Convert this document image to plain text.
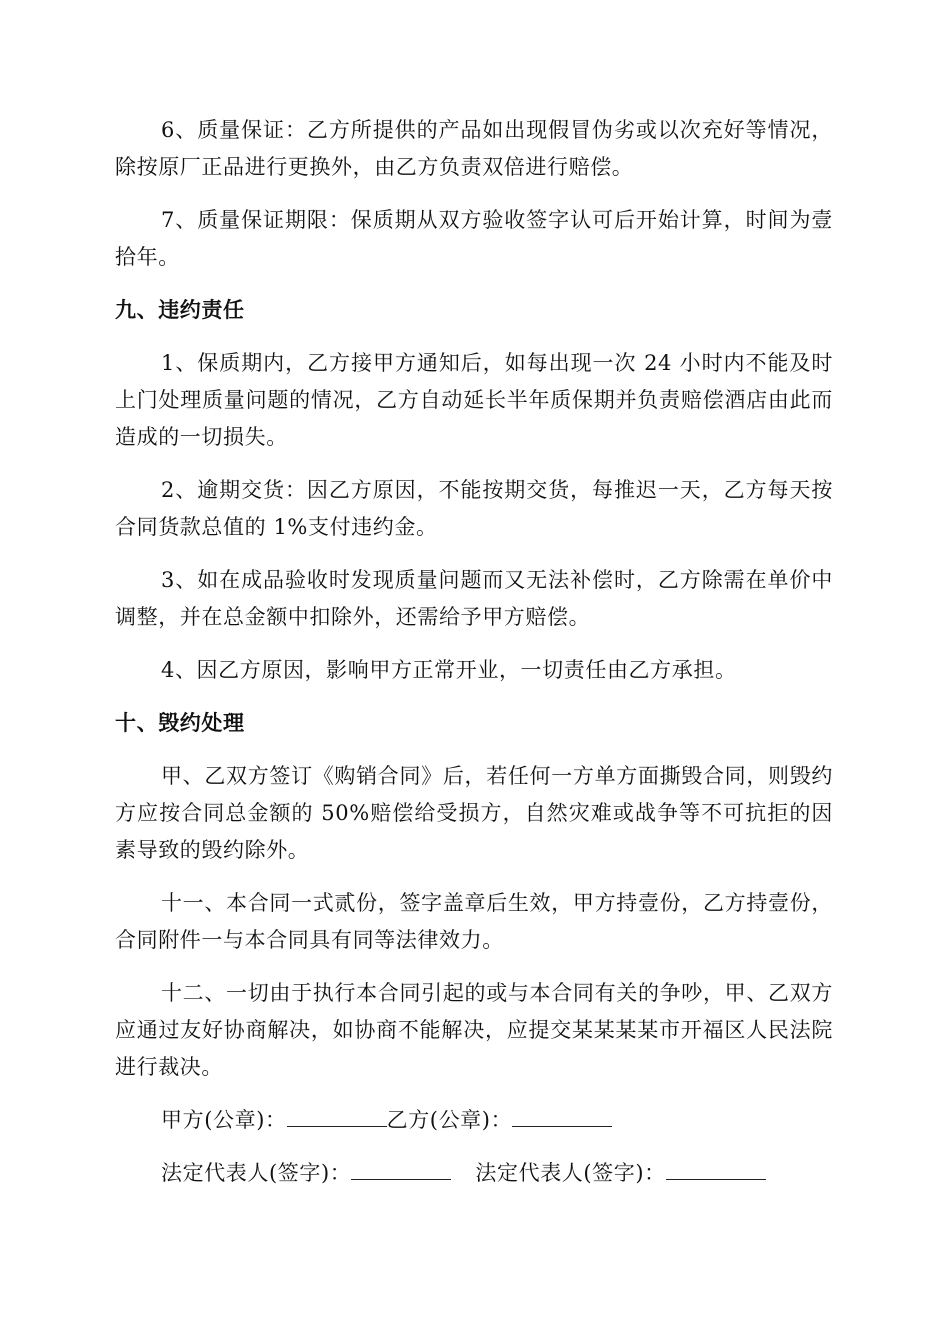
6、质量保证：乙方所提供的产品如出现假冒伪劣或以次充好等情况，除按原厂正品进行更换外，由乙方负责双倍进行赔偿。

7、质量保证期限：保质期从双方验收签字认可后开始计算，时间为壹拾年。

九、违约责任

1、保质期内，乙方接甲方通知后，如每出现一次 24 小时内不能及时上门处理质量问题的情况，乙方自动延长半年质保期并负责赔偿酒店由此而造成的一切损失。

2、逾期交货：因乙方原因，不能按期交货，每推迟一天，乙方每天按合同货款总值的 1%支付违约金。

3、如在成品验收时发现质量问题而又无法补偿时，乙方除需在单价中调整，并在总金额中扣除外，还需给予甲方赔偿。

4、因乙方原因，影响甲方正常开业，一切责任由乙方承担。

十、毁约处理

甲、乙双方签订《购销合同》后，若任何一方单方面撕毁合同，则毁约方应按合同总金额的 50%赔偿给受损方，自然灾难或战争等不可抗拒的因素导致的毁约除外。

十一、本合同一式贰份，签字盖章后生效，甲方持壹份，乙方持壹份，合同附件一与本合同具有同等法律效力。

十二、一切由于执行本合同引起的或与本合同有关的争吵，甲、乙双方应通过友好协商解决，如协商不能解决，应提交某某某某市开福区人民法院进行裁决。

甲方(公章)：	乙方(公章)：

法定代表人(签字)：	法定代表人(签字)：
